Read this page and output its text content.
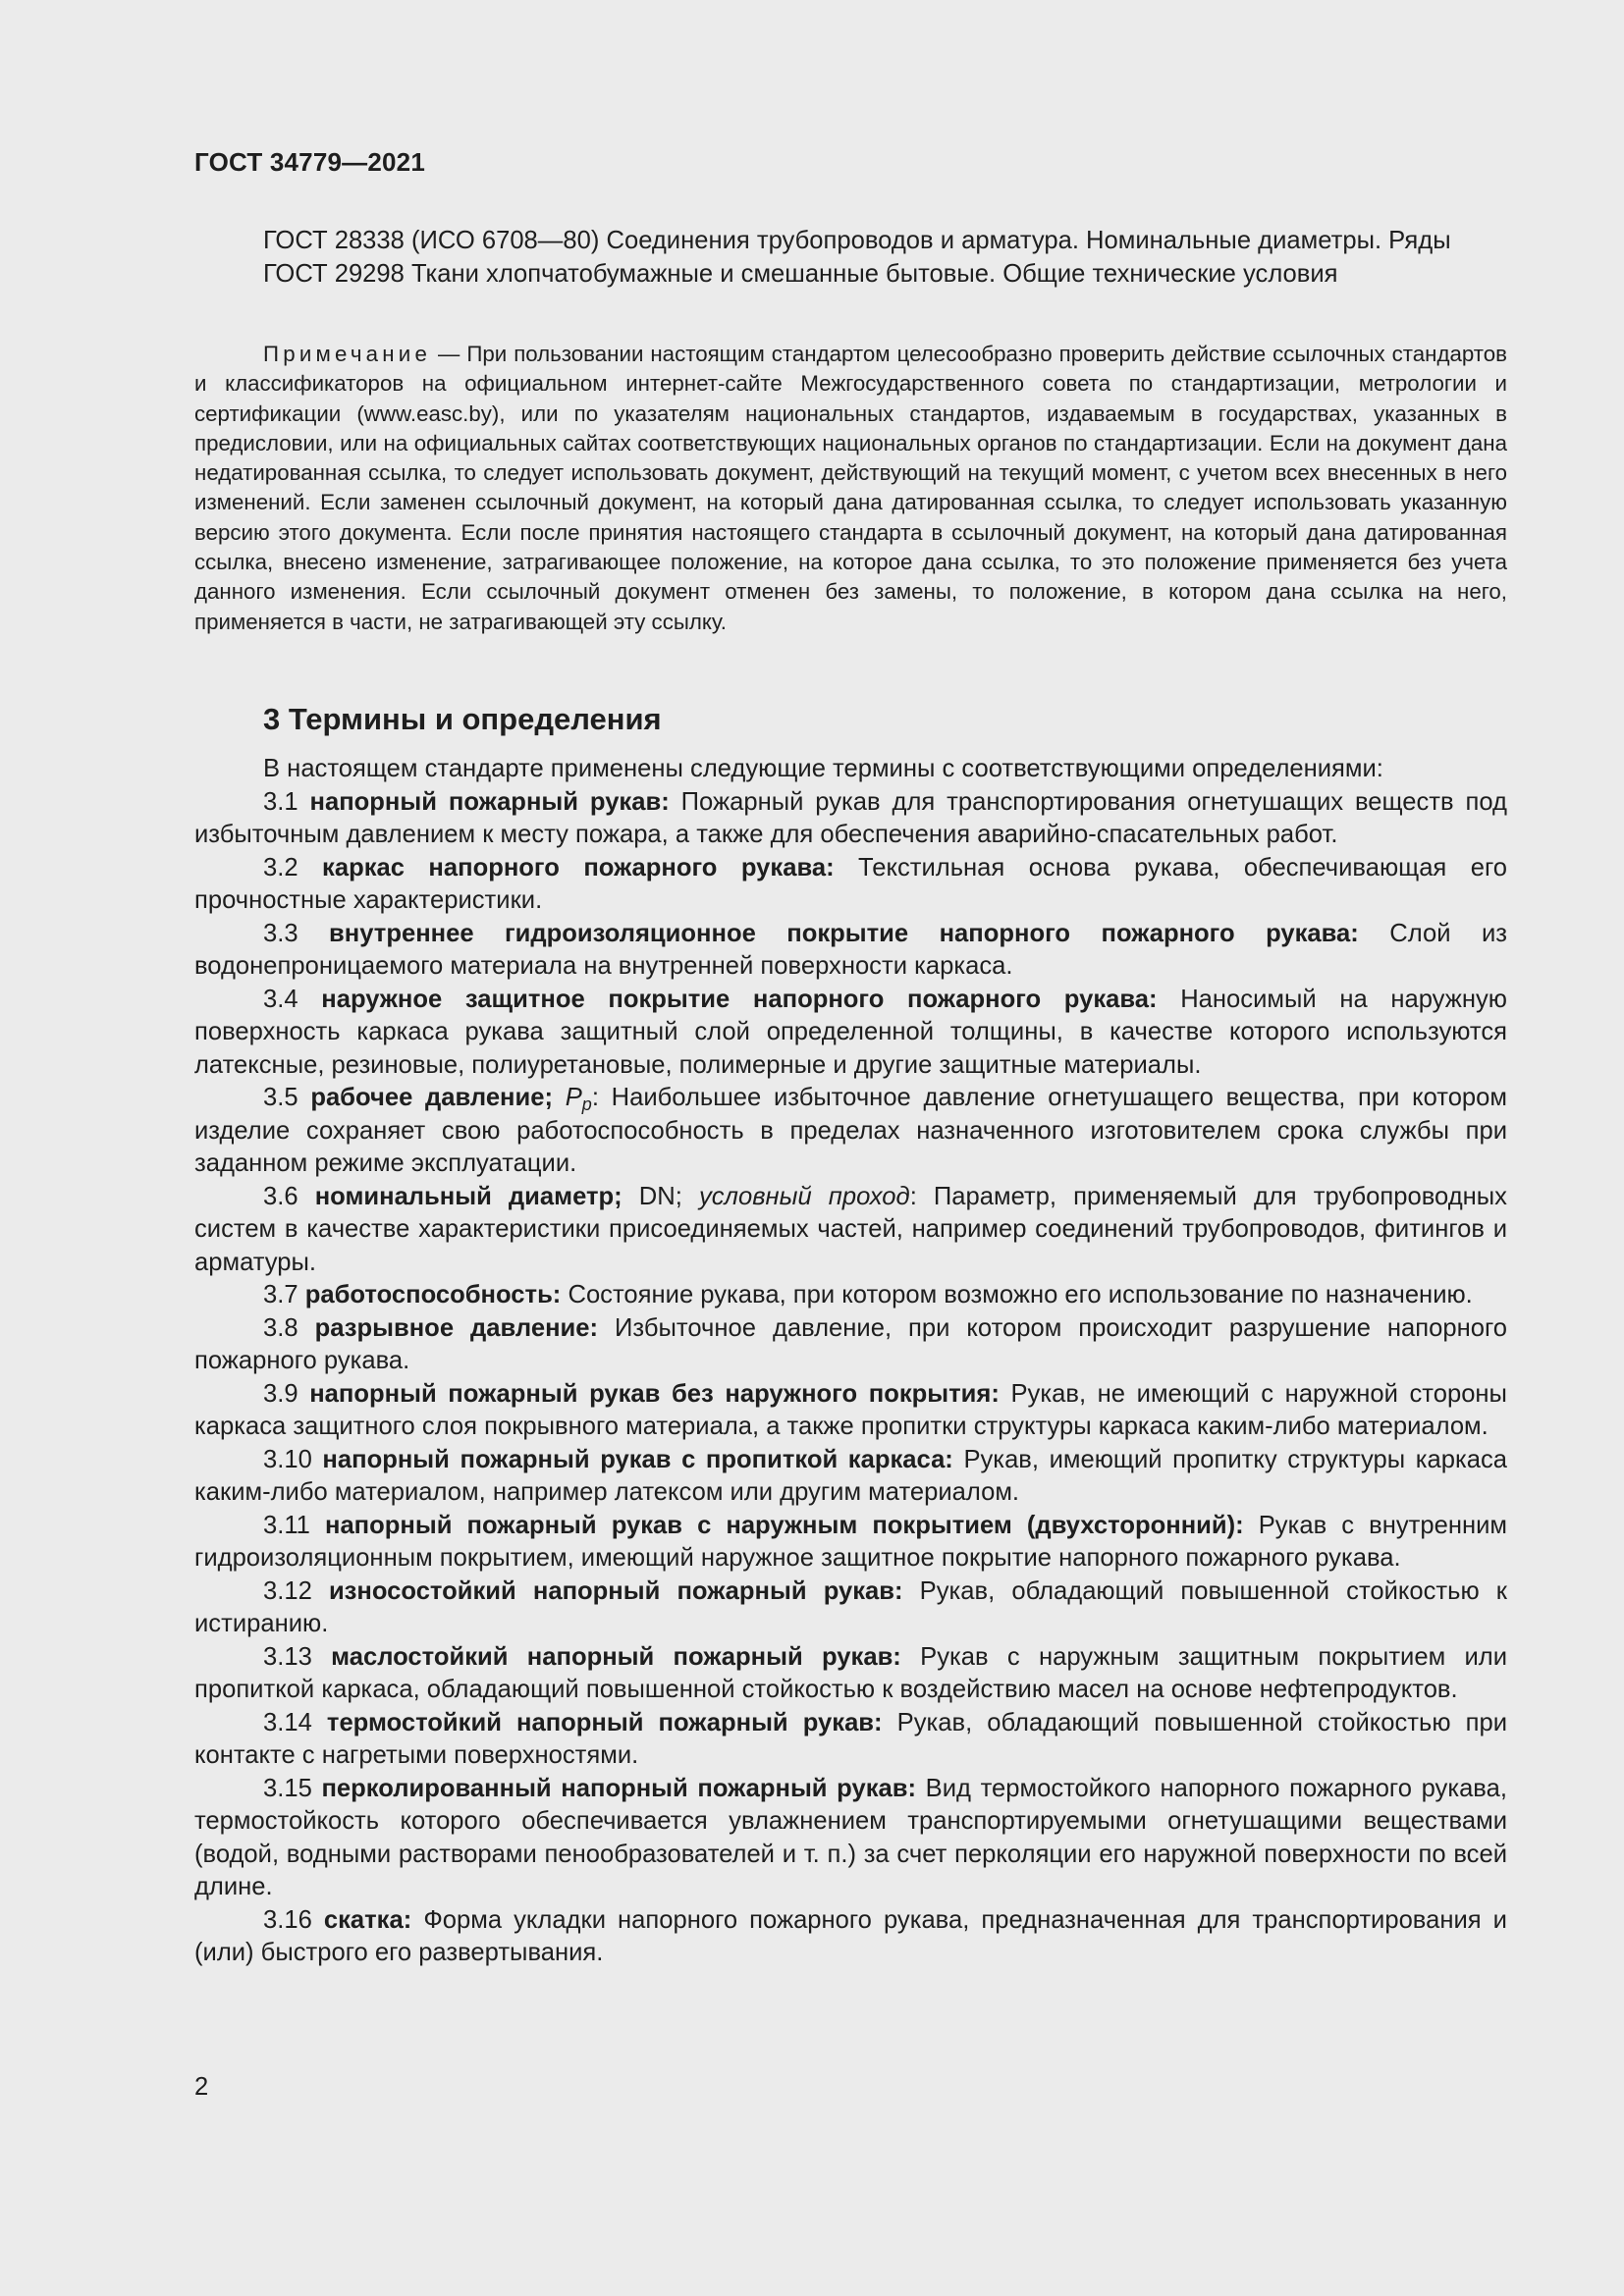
ГОСТ 34779—2021

ГОСТ 28338 (ИСО 6708—80) Соединения трубопроводов и арматура. Номинальные диаметры. Ряды

ГОСТ 29298 Ткани хлопчатобумажные и смешанные бытовые. Общие технические условия

Примечание — При пользовании настоящим стандартом целесообразно проверить действие ссылочных стандартов и классификаторов на официальном интернет-сайте Межгосударственного совета по стандартизации, метрологии и сертификации (www.easc.by), или по указателям национальных стандартов, издаваемым в государствах, указанных в предисловии, или на официальных сайтах соответствующих национальных органов по стандартизации. Если на документ дана недатированная ссылка, то следует использовать документ, действующий на текущий момент, с учетом всех внесенных в него изменений. Если заменен ссылочный документ, на который дана датированная ссылка, то следует использовать указанную версию этого документа. Если после принятия настоящего стандарта в ссылочный документ, на который дана датированная ссылка, внесено изменение, затрагивающее положение, на которое дана ссылка, то это положение применяется без учета данного изменения. Если ссылочный документ отменен без замены, то положение, в котором дана ссылка на него, применяется в части, не затрагивающей эту ссылку.

3 Термины и определения

В настоящем стандарте применены следующие термины с соответствующими определениями:

3.1 напорный пожарный рукав: Пожарный рукав для транспортирования огнетушащих веществ под избыточным давлением к месту пожара, а также для обеспечения аварийно-спасательных работ.

3.2 каркас напорного пожарного рукава: Текстильная основа рукава, обеспечивающая его прочностные характеристики.

3.3 внутреннее гидроизоляционное покрытие напорного пожарного рукава: Слой из водонепроницаемого материала на внутренней поверхности каркаса.

3.4 наружное защитное покрытие напорного пожарного рукава: Наносимый на наружную поверхность каркаса рукава защитный слой определенной толщины, в качестве которого используются латексные, резиновые, полиуретановые, полимерные и другие защитные материалы.

3.5 рабочее давление; $P_р$: Наибольшее избыточное давление огнетушащего вещества, при котором изделие сохраняет свою работоспособность в пределах назначенного изготовителем срока службы при заданном режиме эксплуатации.

3.6 номинальный диаметр; DN; условный проход: Параметр, применяемый для трубопроводных систем в качестве характеристики присоединяемых частей, например соединений трубопроводов, фитингов и арматуры.

3.7 работоспособность: Состояние рукава, при котором возможно его использование по назначению.

3.8 разрывное давление: Избыточное давление, при котором происходит разрушение напорного пожарного рукава.

3.9 напорный пожарный рукав без наружного покрытия: Рукав, не имеющий с наружной стороны каркаса защитного слоя покрывного материала, а также пропитки структуры каркаса каким-либо материалом.

3.10 напорный пожарный рукав с пропиткой каркаса: Рукав, имеющий пропитку структуры каркаса каким-либо материалом, например латексом или другим материалом.

3.11 напорный пожарный рукав с наружным покрытием (двухсторонний): Рукав с внутренним гидроизоляционным покрытием, имеющий наружное защитное покрытие напорного пожарного рукава.

3.12 износостойкий напорный пожарный рукав: Рукав, обладающий повышенной стойкостью к истиранию.

3.13 маслостойкий напорный пожарный рукав: Рукав с наружным защитным покрытием или пропиткой каркаса, обладающий повышенной стойкостью к воздействию масел на основе нефтепродуктов.

3.14 термостойкий напорный пожарный рукав: Рукав, обладающий повышенной стойкостью при контакте с нагретыми поверхностями.

3.15 перколированный напорный пожарный рукав: Вид термостойкого напорного пожарного рукава, термостойкость которого обеспечивается увлажнением транспортируемыми огнетушащими веществами (водой, водными растворами пенообразователей и т. п.) за счет перколяции его наружной поверхности по всей длине.

3.16 скатка: Форма укладки напорного пожарного рукава, предназначенная для транспортирования и (или) быстрого его развертывания.

2
